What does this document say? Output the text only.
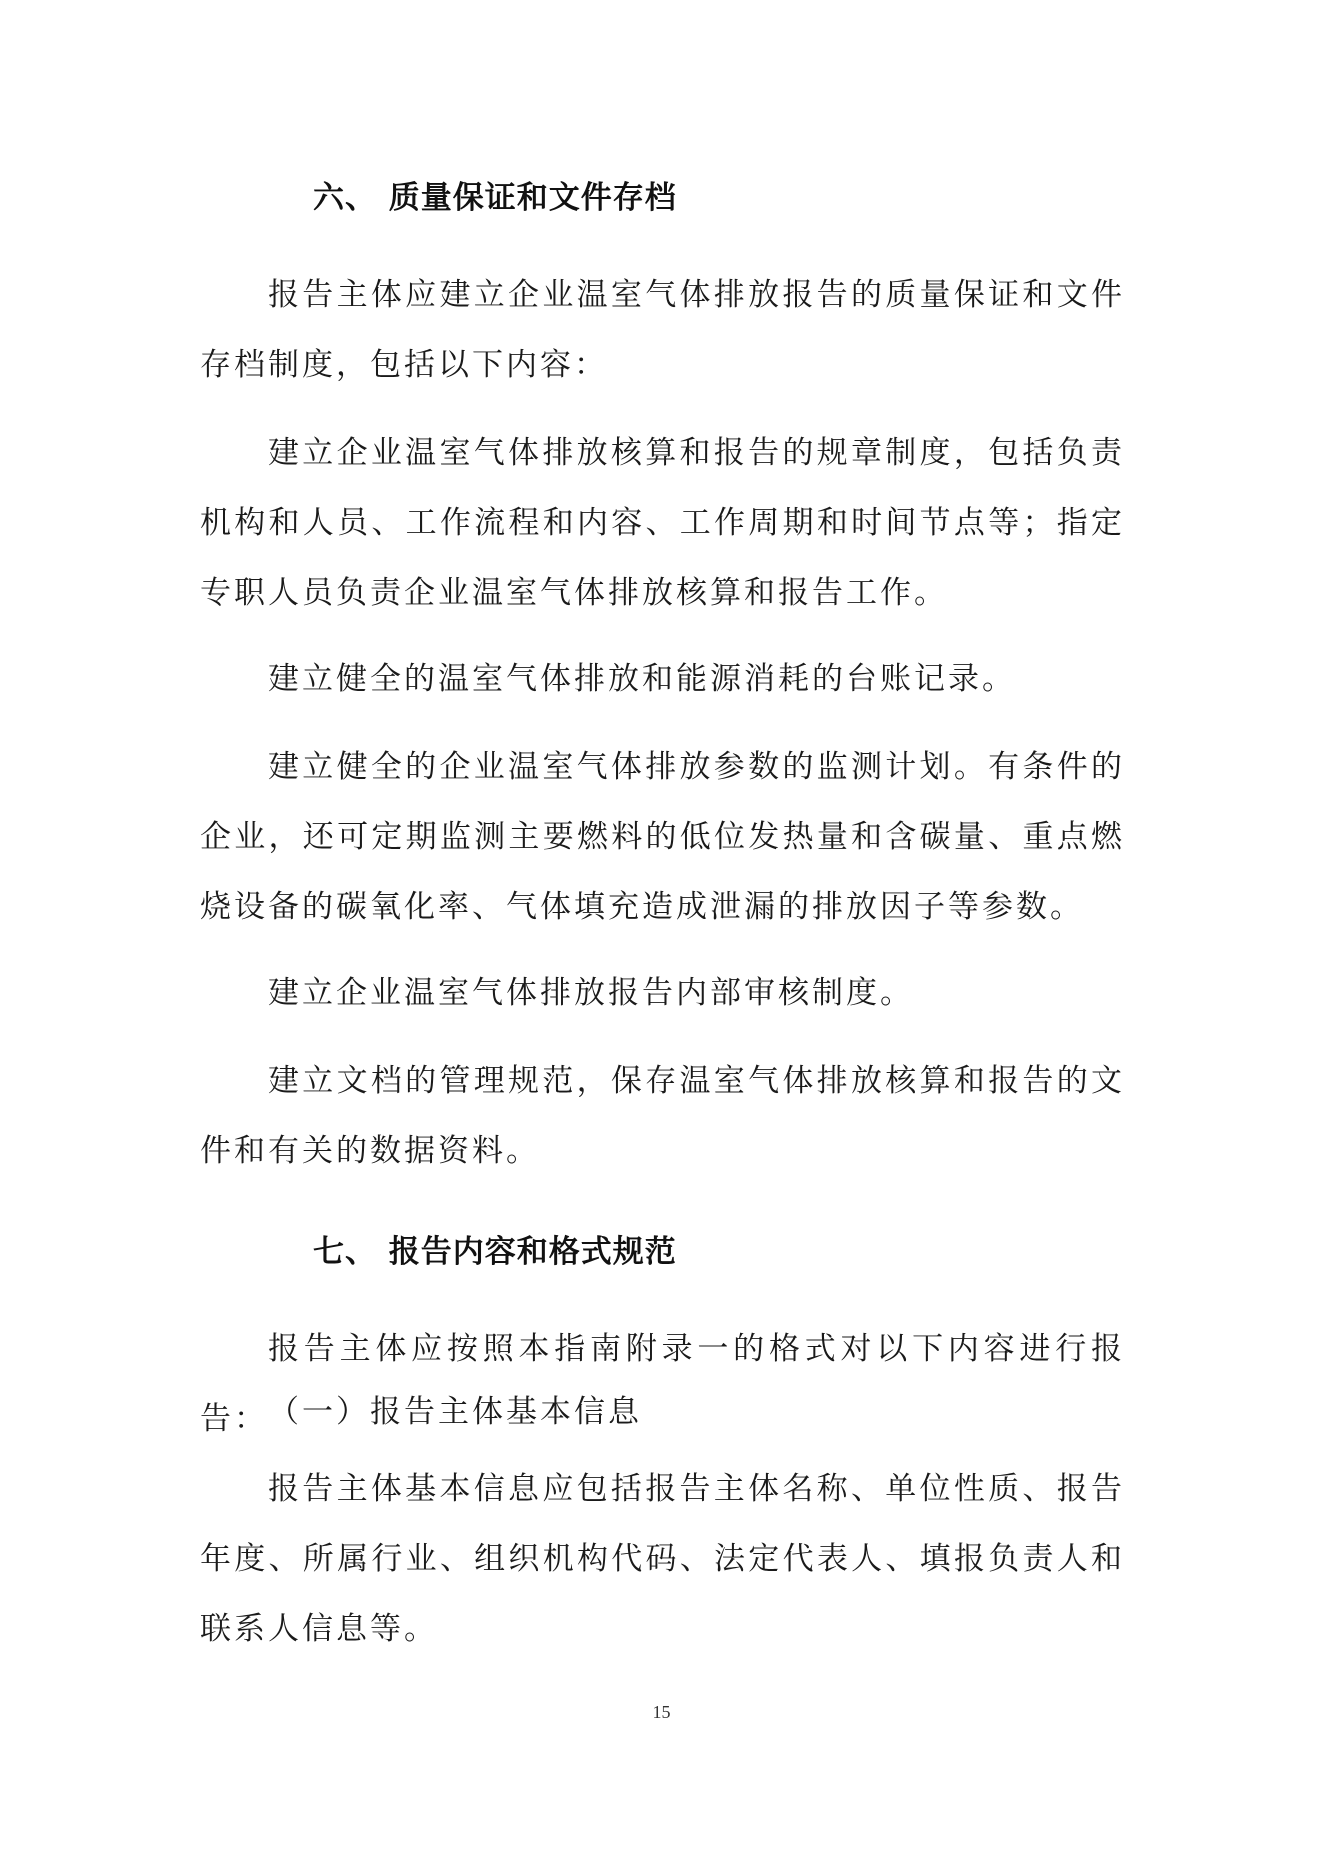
六、 质量保证和文件存档
报告主体应建立企业温室气体排放报告的质量保证和文件存档制度，包括以下内容：
建立企业温室气体排放核算和报告的规章制度，包括负责机构和人员、工作流程和内容、工作周期和时间节点等；指定专职人员负责企业温室气体排放核算和报告工作。
建立健全的温室气体排放和能源消耗的台账记录。
建立健全的企业温室气体排放参数的监测计划。有条件的企业，还可定期监测主要燃料的低位发热量和含碳量、重点燃烧设备的碳氧化率、气体填充造成泄漏的排放因子等参数。
建立企业温室气体排放报告内部审核制度。
建立文档的管理规范，保存温室气体排放核算和报告的文件和有关的数据资料。
七、 报告内容和格式规范
报告主体应按照本指南附录一的格式对以下内容进行报告： （一）报告主体基本信息
报告主体基本信息应包括报告主体名称、单位性质、报告年度、所属行业、组织机构代码、法定代表人、填报负责人和联系人信息等。
15
